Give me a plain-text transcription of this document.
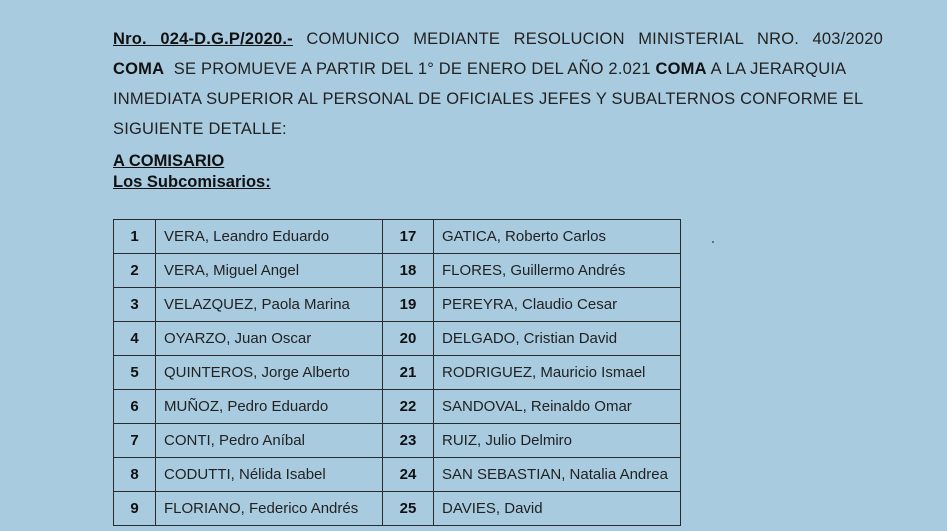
Nro. 024-D.G.P/2020.- COMUNICO MEDIANTE RESOLUCION MINISTERIAL NRO. 403/2020
COMA SE PROMUEVE A PARTIR DEL 1° DE ENERO DEL AÑO 2.021 COMA A LA JERARQUIA
INMEDIATA SUPERIOR AL PERSONAL DE OFICIALES JEFES Y SUBALTERNOS CONFORME EL
SIGUIENTE DETALLE:
A COMISARIO
Los Subcomisarios:
1	VERA, Leandro Eduardo	17	GATICA, Roberto Carlos
2	VERA, Miguel Angel	18	FLORES, Guillermo Andrés
3	VELAZQUEZ, Paola Marina	19	PEREYRA, Claudio Cesar
4	OYARZO, Juan Oscar	20	DELGADO, Cristian David
5	QUINTEROS, Jorge Alberto	21	RODRIGUEZ, Mauricio Ismael
6	MUÑOZ, Pedro Eduardo	22	SANDOVAL, Reinaldo Omar
7	CONTI, Pedro Aníbal	23	RUIZ, Julio Delmiro
8	CODUTTI, Nélida Isabel	24	SAN SEBASTIAN, Natalia Andrea
9	FLORIANO, Federico Andrés	25	DAVIES, David
